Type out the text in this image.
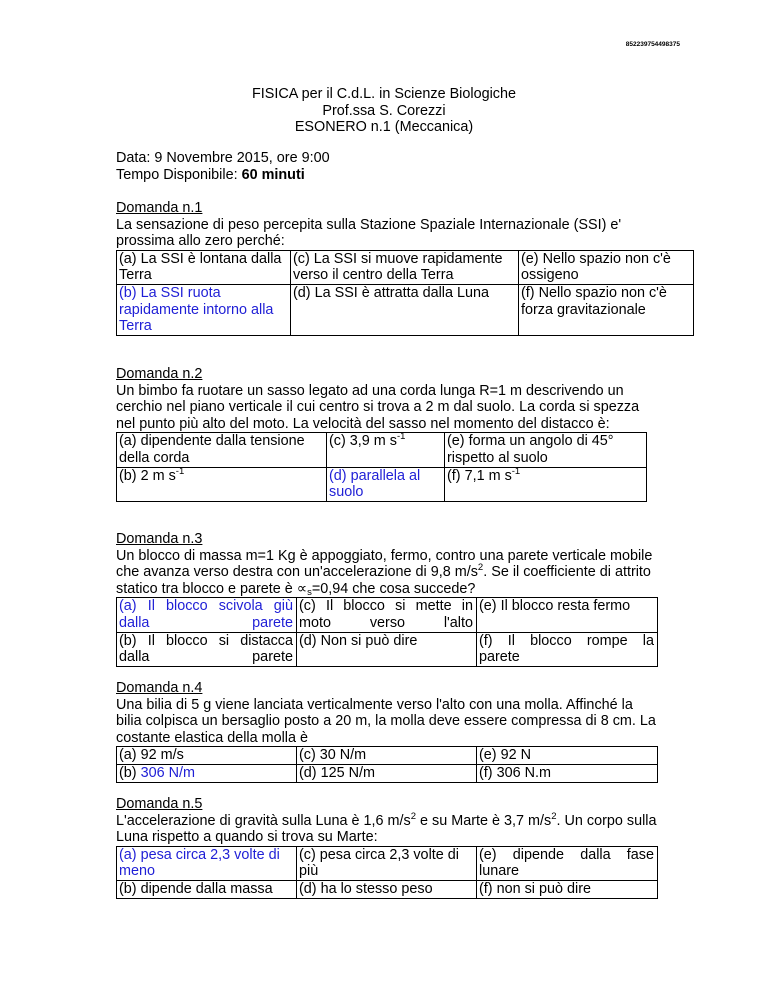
852239754498375
FISICA per il C.d.L. in Scienze Biologiche
Prof.ssa S. Corezzi
ESONERO n.1 (Meccanica)
Data: 9 Novembre 2015, ore 9:00
Tempo Disponibile: 60 minuti
Domanda n.1
La sensazione di peso percepita sulla Stazione Spaziale Internazionale (SSI) e' prossima allo zero perché:
(a) La SSI è lontana dalla Terra	(c) La SSI si muove rapidamente verso il centro della Terra	(e) Nello spazio non c'è ossigeno
(b) La SSI ruota rapidamente intorno alla Terra	(d) La SSI è attratta dalla Luna	(f) Nello spazio non c'è forza gravitazionale
Domanda n.2
Un bimbo fa ruotare un sasso legato ad una corda lunga R=1 m descrivendo un cerchio nel piano verticale il cui centro si trova a 2 m dal suolo. La corda si spezza nel punto più alto del moto. La velocità del sasso nel momento del distacco è:
(a) dipendente dalla tensione della corda	(c) 3,9 m $s^{-1}$	(e) forma un angolo di 45° rispetto al suolo
(b) 2 m $s^{-1}$	(d) parallela al suolo	(f) 7,1 m $s^{-1}$
Domanda n.3
Un blocco di massa m=1 Kg è appoggiato, fermo, contro una parete verticale mobile che avanza verso destra con un'accelerazione di 9,8 $m/s^2$. Se il coefficiente di attrito statico tra blocco e parete è $\propto_s=0,94$ che cosa succede?
(a) Il blocco scivola giù dalla parete	(c) Il blocco si mette in moto verso l'alto	(e) Il blocco resta fermo
(b) Il blocco si distacca dalla parete	(d) Non si può dire	(f) Il blocco rompe la parete
Domanda n.4
Una bilia di 5 g viene lanciata verticalmente verso l'alto con una molla. Affinché la bilia colpisca un bersaglio posto a 20 m, la molla deve essere compressa di 8 cm. La costante elastica della molla è
(a) 92 m/s	(c) 30 N/m	(e) 92 N
(b) 306 N/m	(d) 125 N/m	(f) 306 N.m
Domanda n.5
L'accelerazione di gravità sulla Luna è 1,6 $m/s^2$ e su Marte è 3,7 $m/s^2$. Un corpo sulla Luna rispetto a quando si trova su Marte:
(a) pesa circa 2,3 volte di meno	(c) pesa circa 2,3 volte di più	(e) dipende dalla fase lunare
(b) dipende dalla massa	(d) ha lo stesso peso	(f) non si può dire
